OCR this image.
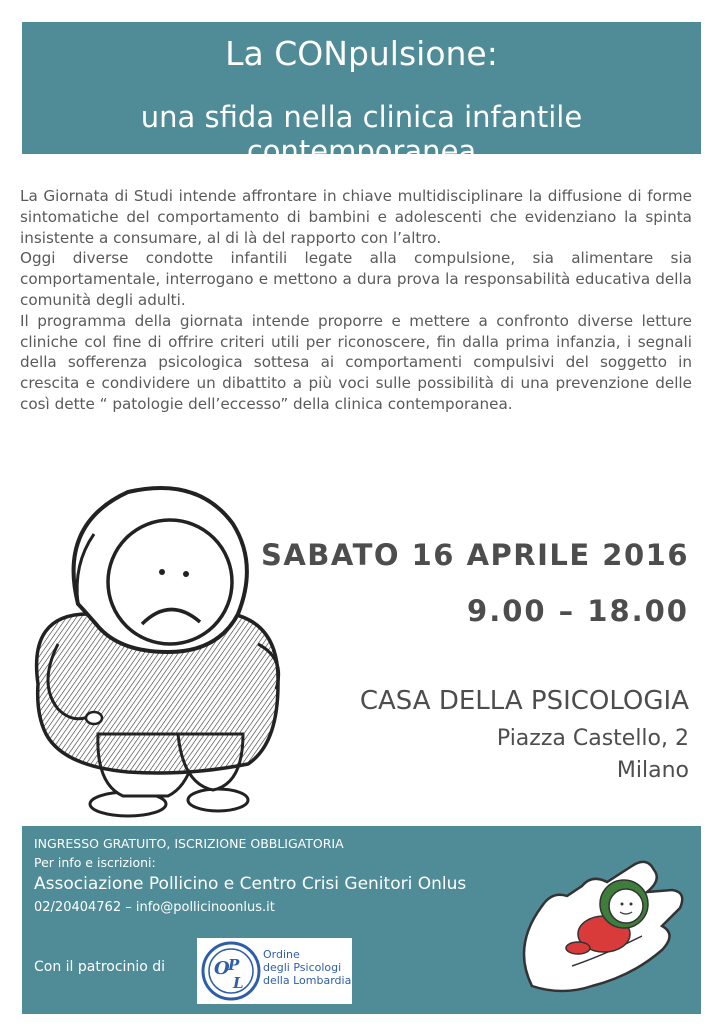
La CONpulsione:
una sfida nella clinica infantile contemporanea

La Giornata di Studi intende affrontare in chiave multidisciplinare la diffusione di forme sintomatiche del comportamento di bambini e adolescenti che evidenziano la spinta insistente a consumare, al di là del rapporto con l’altro.

Oggi diverse condotte infantili legate alla compulsione, sia alimentare sia comportamentale, interrogano e mettono a dura prova la responsabilità educativa della comunità degli adulti.

Il programma della giornata intende proporre e mettere a confronto diverse letture cliniche col fine di offrire criteri utili per riconoscere, fin dalla prima infanzia, i segnali della sofferenza psicologica sottesa ai comportamenti compulsivi del soggetto in crescita e condividere un dibattito a più voci sulle possibilità di una prevenzione delle così dette “ patologie dell’eccesso” della clinica contemporanea.

SABATO 16 APRILE 2016
9.00 – 18.00
CASA DELLA PSICOLOGIA
Piazza Castello, 2
Milano
INGRESSO GRATUITO, ISCRIZIONE OBBLIGATORIA
Per info e iscrizioni:
Associazione Pollicino e Centro Crisi Genitori Onlus
02/20404762 – info@pollicinoonlus.it
Con il patrocinio di	O
P
L
Ordine
degli Psicologi
della Lombardia
